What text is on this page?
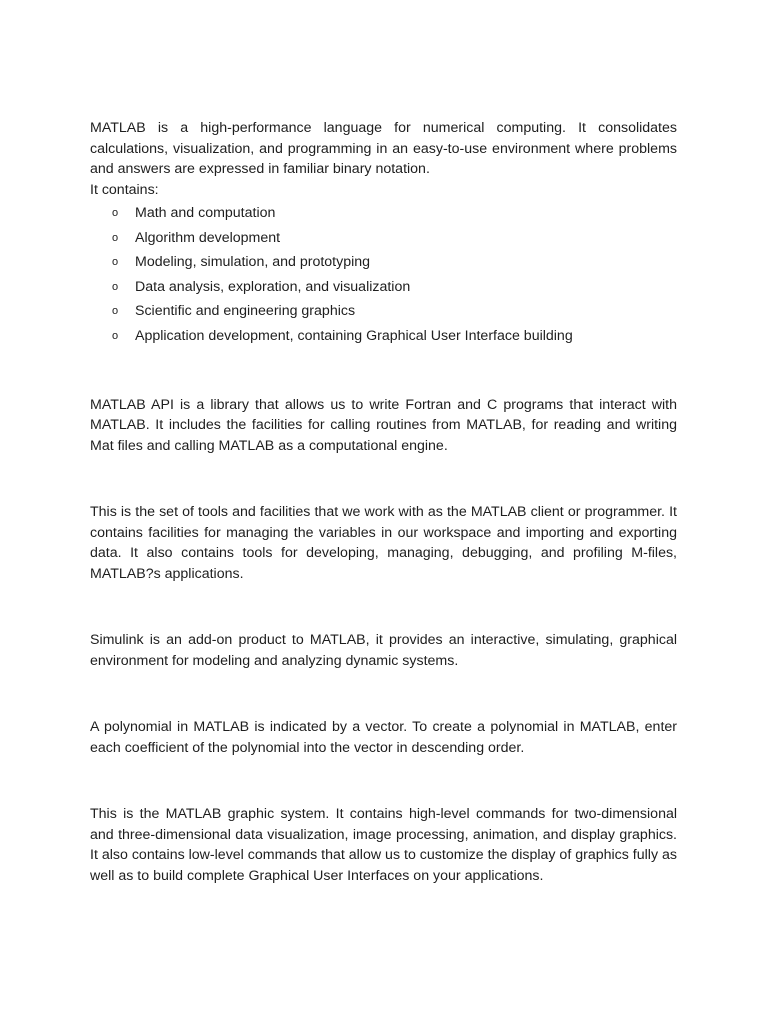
MATLAB is a high-performance language for numerical computing. It consolidates calculations, visualization, and programming in an easy-to-use environment where problems and answers are expressed in familiar binary notation.

It contains:

o Math and computation
o Algorithm development
o Modeling, simulation, and prototyping
o Data analysis, exploration, and visualization
o Scientific and engineering graphics
o Application development, containing Graphical User Interface building

MATLAB API is a library that allows us to write Fortran and C programs that interact with MATLAB. It includes the facilities for calling routines from MATLAB, for reading and writing Mat files and calling MATLAB as a computational engine.

This is the set of tools and facilities that we work with as the MATLAB client or programmer. It contains facilities for managing the variables in our workspace and importing and exporting data. It also contains tools for developing, managing, debugging, and profiling M-files, MATLAB?s applications.

Simulink is an add-on product to MATLAB, it provides an interactive, simulating, graphical environment for modeling and analyzing dynamic systems.

A polynomial in MATLAB is indicated by a vector. To create a polynomial in MATLAB, enter each coefficient of the polynomial into the vector in descending order.

This is the MATLAB graphic system. It contains high-level commands for two-dimensional and three-dimensional data visualization, image processing, animation, and display graphics. It also contains low-level commands that allow us to customize the display of graphics fully as well as to build complete Graphical User Interfaces on your applications.
